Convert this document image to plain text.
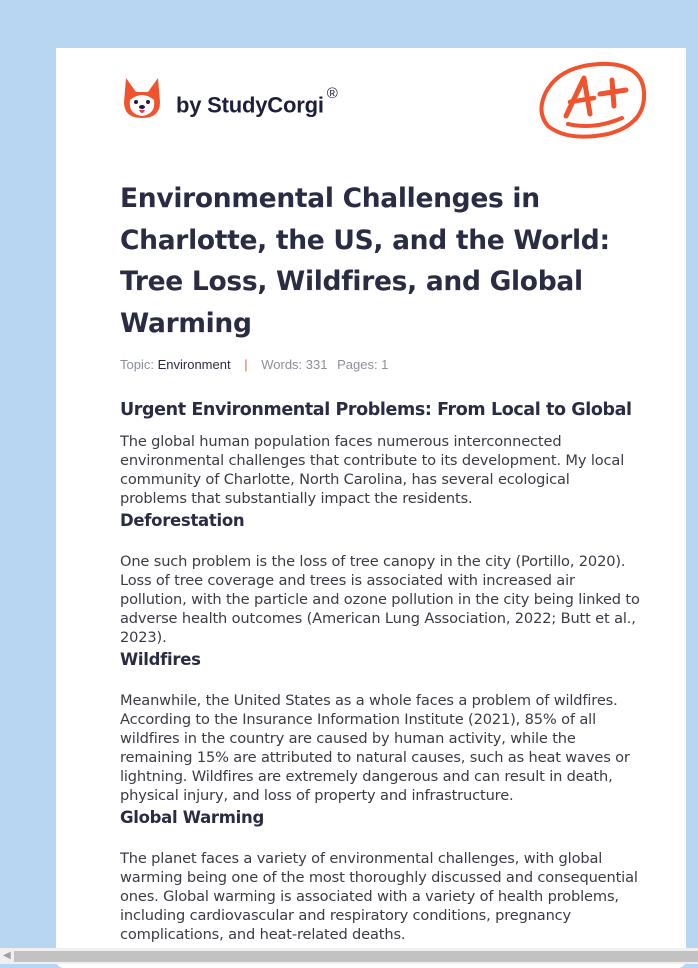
by StudyCorgi ®
Environmental Challenges in Charlotte, the US, and the World: Tree Loss, Wildfires, and Global Warming
Topic: Environment | Words: 331 Pages: 1
Urgent Environmental Problems: From Local to Global

The global human population faces numerous interconnected environmental challenges that contribute to its development. My local community of Charlotte, North Carolina, has several ecological problems that substantially impact the residents.

Deforestation

One such problem is the loss of tree canopy in the city (Portillo, 2020). Loss of tree coverage and trees is associated with increased air pollution, with the particle and ozone pollution in the city being linked to adverse health outcomes (American Lung Association, 2022; Butt et al., 2023).

Wildfires

Meanwhile, the United States as a whole faces a problem of wildfires. According to the Insurance Information Institute (2021), 85% of all wildfires in the country are caused by human activity, while the remaining 15% are attributed to natural causes, such as heat waves or lightning. Wildfires are extremely dangerous and can result in death, physical injury, and loss of property and infrastructure.

Global Warming

The planet faces a variety of environmental challenges, with global warming being one of the most thoroughly discussed and consequential ones. Global warming is associated with a variety of health problems, including cardiovascular and respiratory conditions, pregnancy complications, and heat-related deaths.

◀
